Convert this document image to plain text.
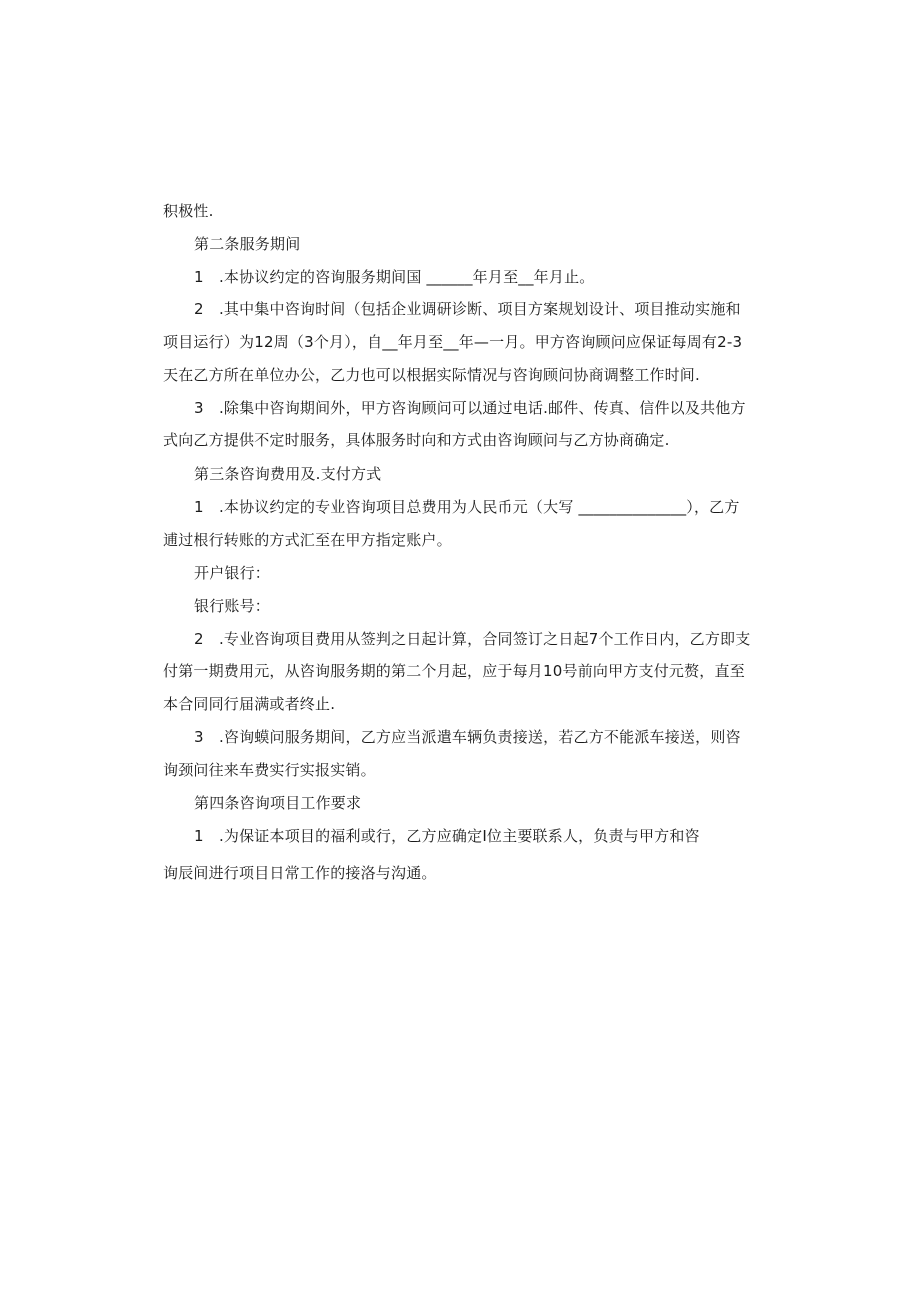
积极性.
第二条服务期间
1　.本协议约定的咨询服务期间国 ______年月至__年月止。
2　.其中集中咨询时间（包括企业调研诊断、项目方案规划设计、项目推动实施和
项目运行）为12周（3个月），自__年月至__年—一月。甲方咨询顾问应保证每周有2-3
天在乙方所在单位办公，乙力也可以根据实际情况与咨询顾问协商调整工作时间.
3　.除集中咨询期间外，甲方咨询顾问可以通过电话.邮件、传真、信件以及共他方
式向乙方提供不定时服务，具体服务时向和方式由咨询顾问与乙方协商确定.
第三条咨询费用及.支付方式
1　.本协议约定的专业咨询项目总费用为人民币元（大写 ______________），乙方
逋过根行转账的方式汇至在甲方指定账户。
开户银行：
银行账号：
2　.专业咨询项目费用从签判之日起计算，合同签订之日起7个工作日内，乙方即支
付第一期费用元，从咨询服务期的第二个月起，应于每月10号前向甲方支付元赘，直至
本合同同行届满或者终止.
3　.咨询蟆问服务期间，乙方应当派遣车辆负责接送，若乙方不能派车接送，则咨
询颈问往来车费实行实报实销。
第四条咨询项目工作要求
1　.为保证本项目的福利或行，乙方应确定I位主要联系人，负责与甲方和咨
询辰间进行项目日常工作的接洛与沟通。
